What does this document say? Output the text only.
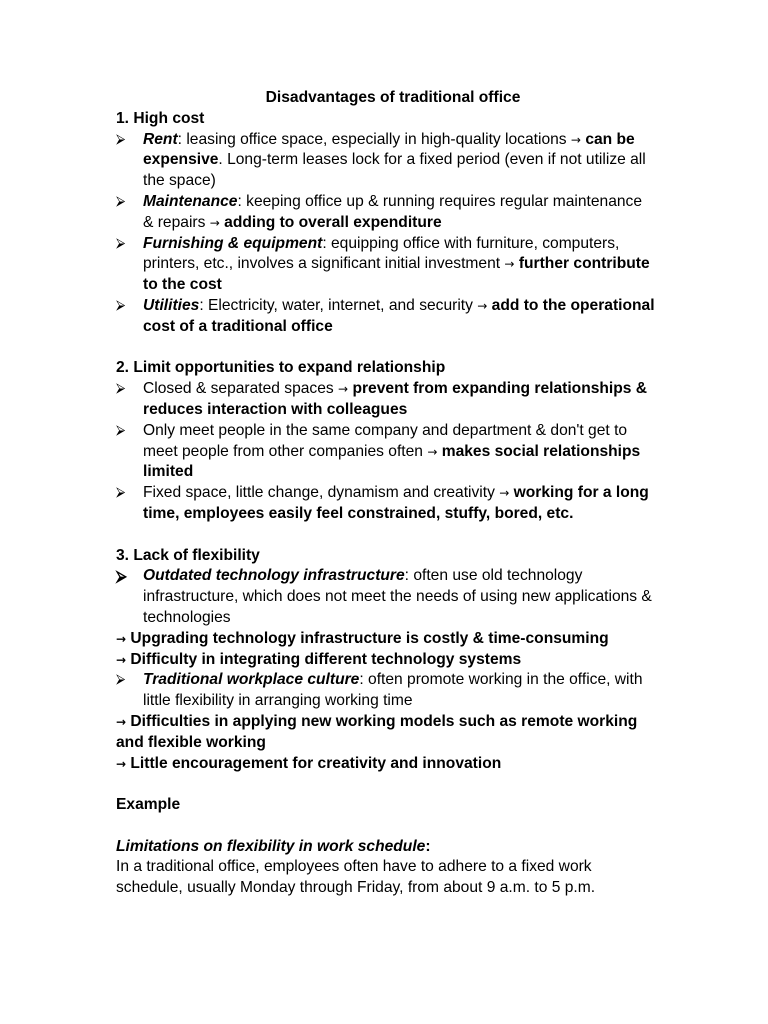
Disadvantages of traditional office
1. High cost
⮚	Rent: leasing office space, especially in high-quality locations → can be expensive. Long-term leases lock for a fixed period (even if not utilize all the space)
⮚	Maintenance: keeping office up & running requires regular maintenance & repairs → adding to overall expenditure
⮚	Furnishing & equipment: equipping office with furniture, computers, printers, etc., involves a significant initial investment → further contribute to the cost
⮚	Utilities: Electricity, water, internet, and security → add to the operational cost of a traditional office
2. Limit opportunities to expand relationship
⮚	Closed & separated spaces → prevent from expanding relationships & reduces interaction with colleagues
⮚	Only meet people in the same company and department & don't get to meet people from other companies often → makes social relationships limited
⮚	Fixed space, little change, dynamism and creativity → working for a long time, employees easily feel constrained, stuffy, bored, etc.
3. Lack of flexibility
⮚	Outdated technology infrastructure: often use old technology infrastructure, which does not meet the needs of using new applications & technologies
→ Upgrading technology infrastructure is costly & time-consuming
→ Difficulty in integrating different technology systems
⮚	Traditional workplace culture: often promote working in the office, with little flexibility in arranging working time
→ Difficulties in applying new working models such as remote working and flexible working
→ Little encouragement for creativity and innovation
Example
Limitations on flexibility in work schedule:
In a traditional office, employees often have to adhere to a fixed work schedule, usually Monday through Friday, from about 9 a.m. to 5 p.m.
